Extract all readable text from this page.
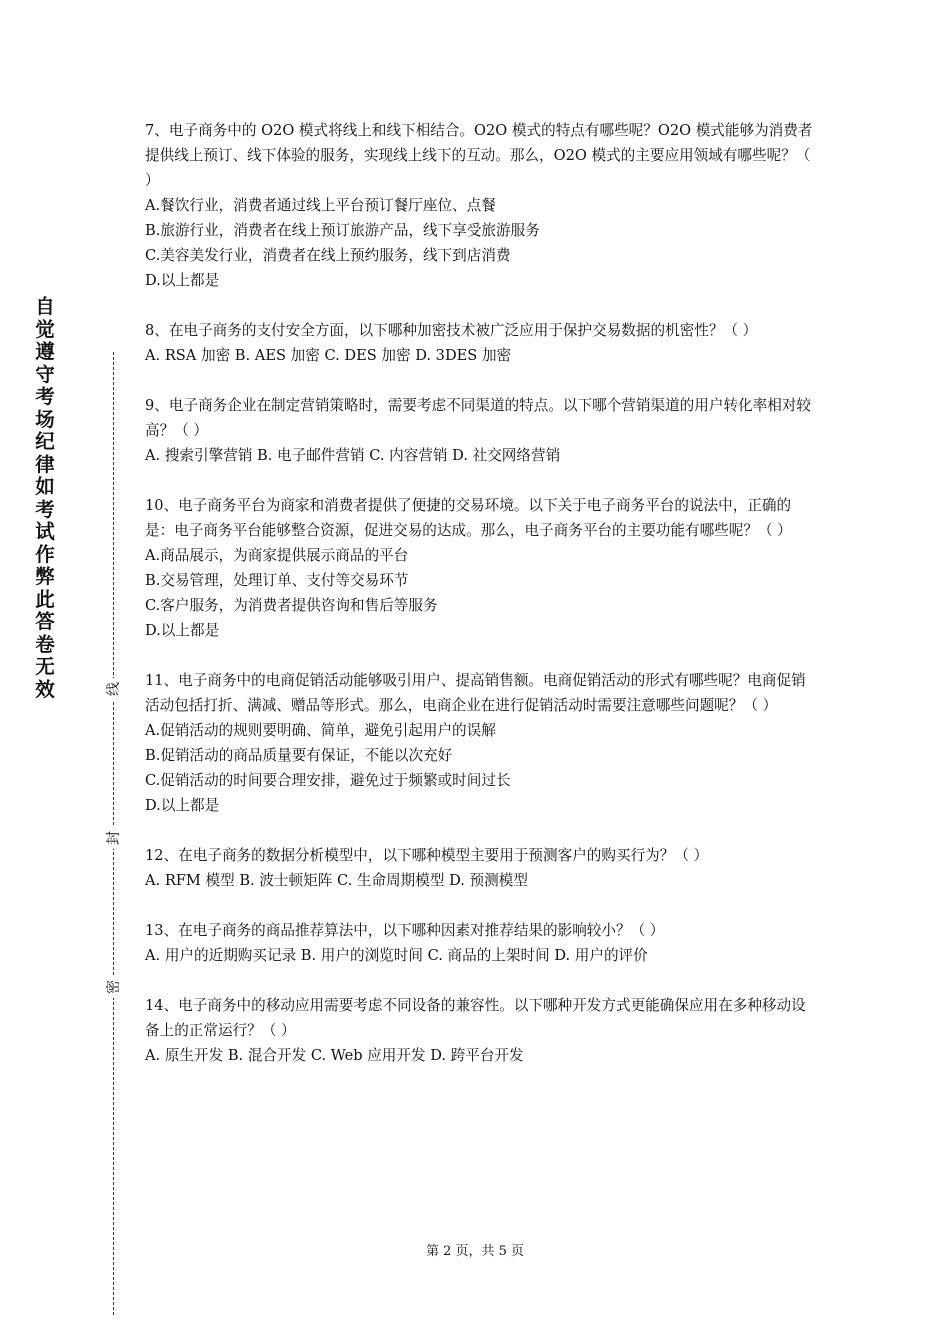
自觉遵守考场纪律如考试作弊此答卷无效	线
封
密

7、电子商务中的 O2O 模式将线上和线下相结合。O2O 模式的特点有哪些呢？O2O 模式能够为消费者提供线上预订、线下体验的服务，实现线上线下的互动。那么，O2O 模式的主要应用领域有哪些呢？（ ）

A.餐饮行业，消费者通过线上平台预订餐厅座位、点餐

B.旅游行业，消费者在线上预订旅游产品，线下享受旅游服务

C.美容美发行业，消费者在线上预约服务，线下到店消费

D.以上都是

8、在电子商务的支付安全方面，以下哪种加密技术被广泛应用于保护交易数据的机密性？（ ）

A. RSA 加密 B. AES 加密 C. DES 加密 D. 3DES 加密

9、电子商务企业在制定营销策略时，需要考虑不同渠道的特点。以下哪个营销渠道的用户转化率相对较高？（ ）

A. 搜索引擎营销 B. 电子邮件营销 C. 内容营销 D. 社交网络营销

10、电子商务平台为商家和消费者提供了便捷的交易环境。以下关于电子商务平台的说法中，正确的是：电子商务平台能够整合资源，促进交易的达成。那么，电子商务平台的主要功能有哪些呢？（ ）

A.商品展示，为商家提供展示商品的平台

B.交易管理，处理订单、支付等交易环节

C.客户服务，为消费者提供咨询和售后等服务

D.以上都是

11、电子商务中的电商促销活动能够吸引用户、提高销售额。电商促销活动的形式有哪些呢？电商促销活动包括打折、满减、赠品等形式。那么，电商企业在进行促销活动时需要注意哪些问题呢？（ ）

A.促销活动的规则要明确、简单，避免引起用户的误解

B.促销活动的商品质量要有保证，不能以次充好

C.促销活动的时间要合理安排，避免过于频繁或时间过长

D.以上都是

12、在电子商务的数据分析模型中，以下哪种模型主要用于预测客户的购买行为？（ ）

A. RFM 模型 B. 波士顿矩阵 C. 生命周期模型 D. 预测模型

13、在电子商务的商品推荐算法中，以下哪种因素对推荐结果的影响较小？（ ）

A. 用户的近期购买记录 B. 用户的浏览时间 C. 商品的上架时间 D. 用户的评价

14、电子商务中的移动应用需要考虑不同设备的兼容性。以下哪种开发方式更能确保应用在多种移动设备上的正常运行？（ ）

A. 原生开发 B. 混合开发 C. Web 应用开发 D. 跨平台开发

第 2 页，共 5 页
